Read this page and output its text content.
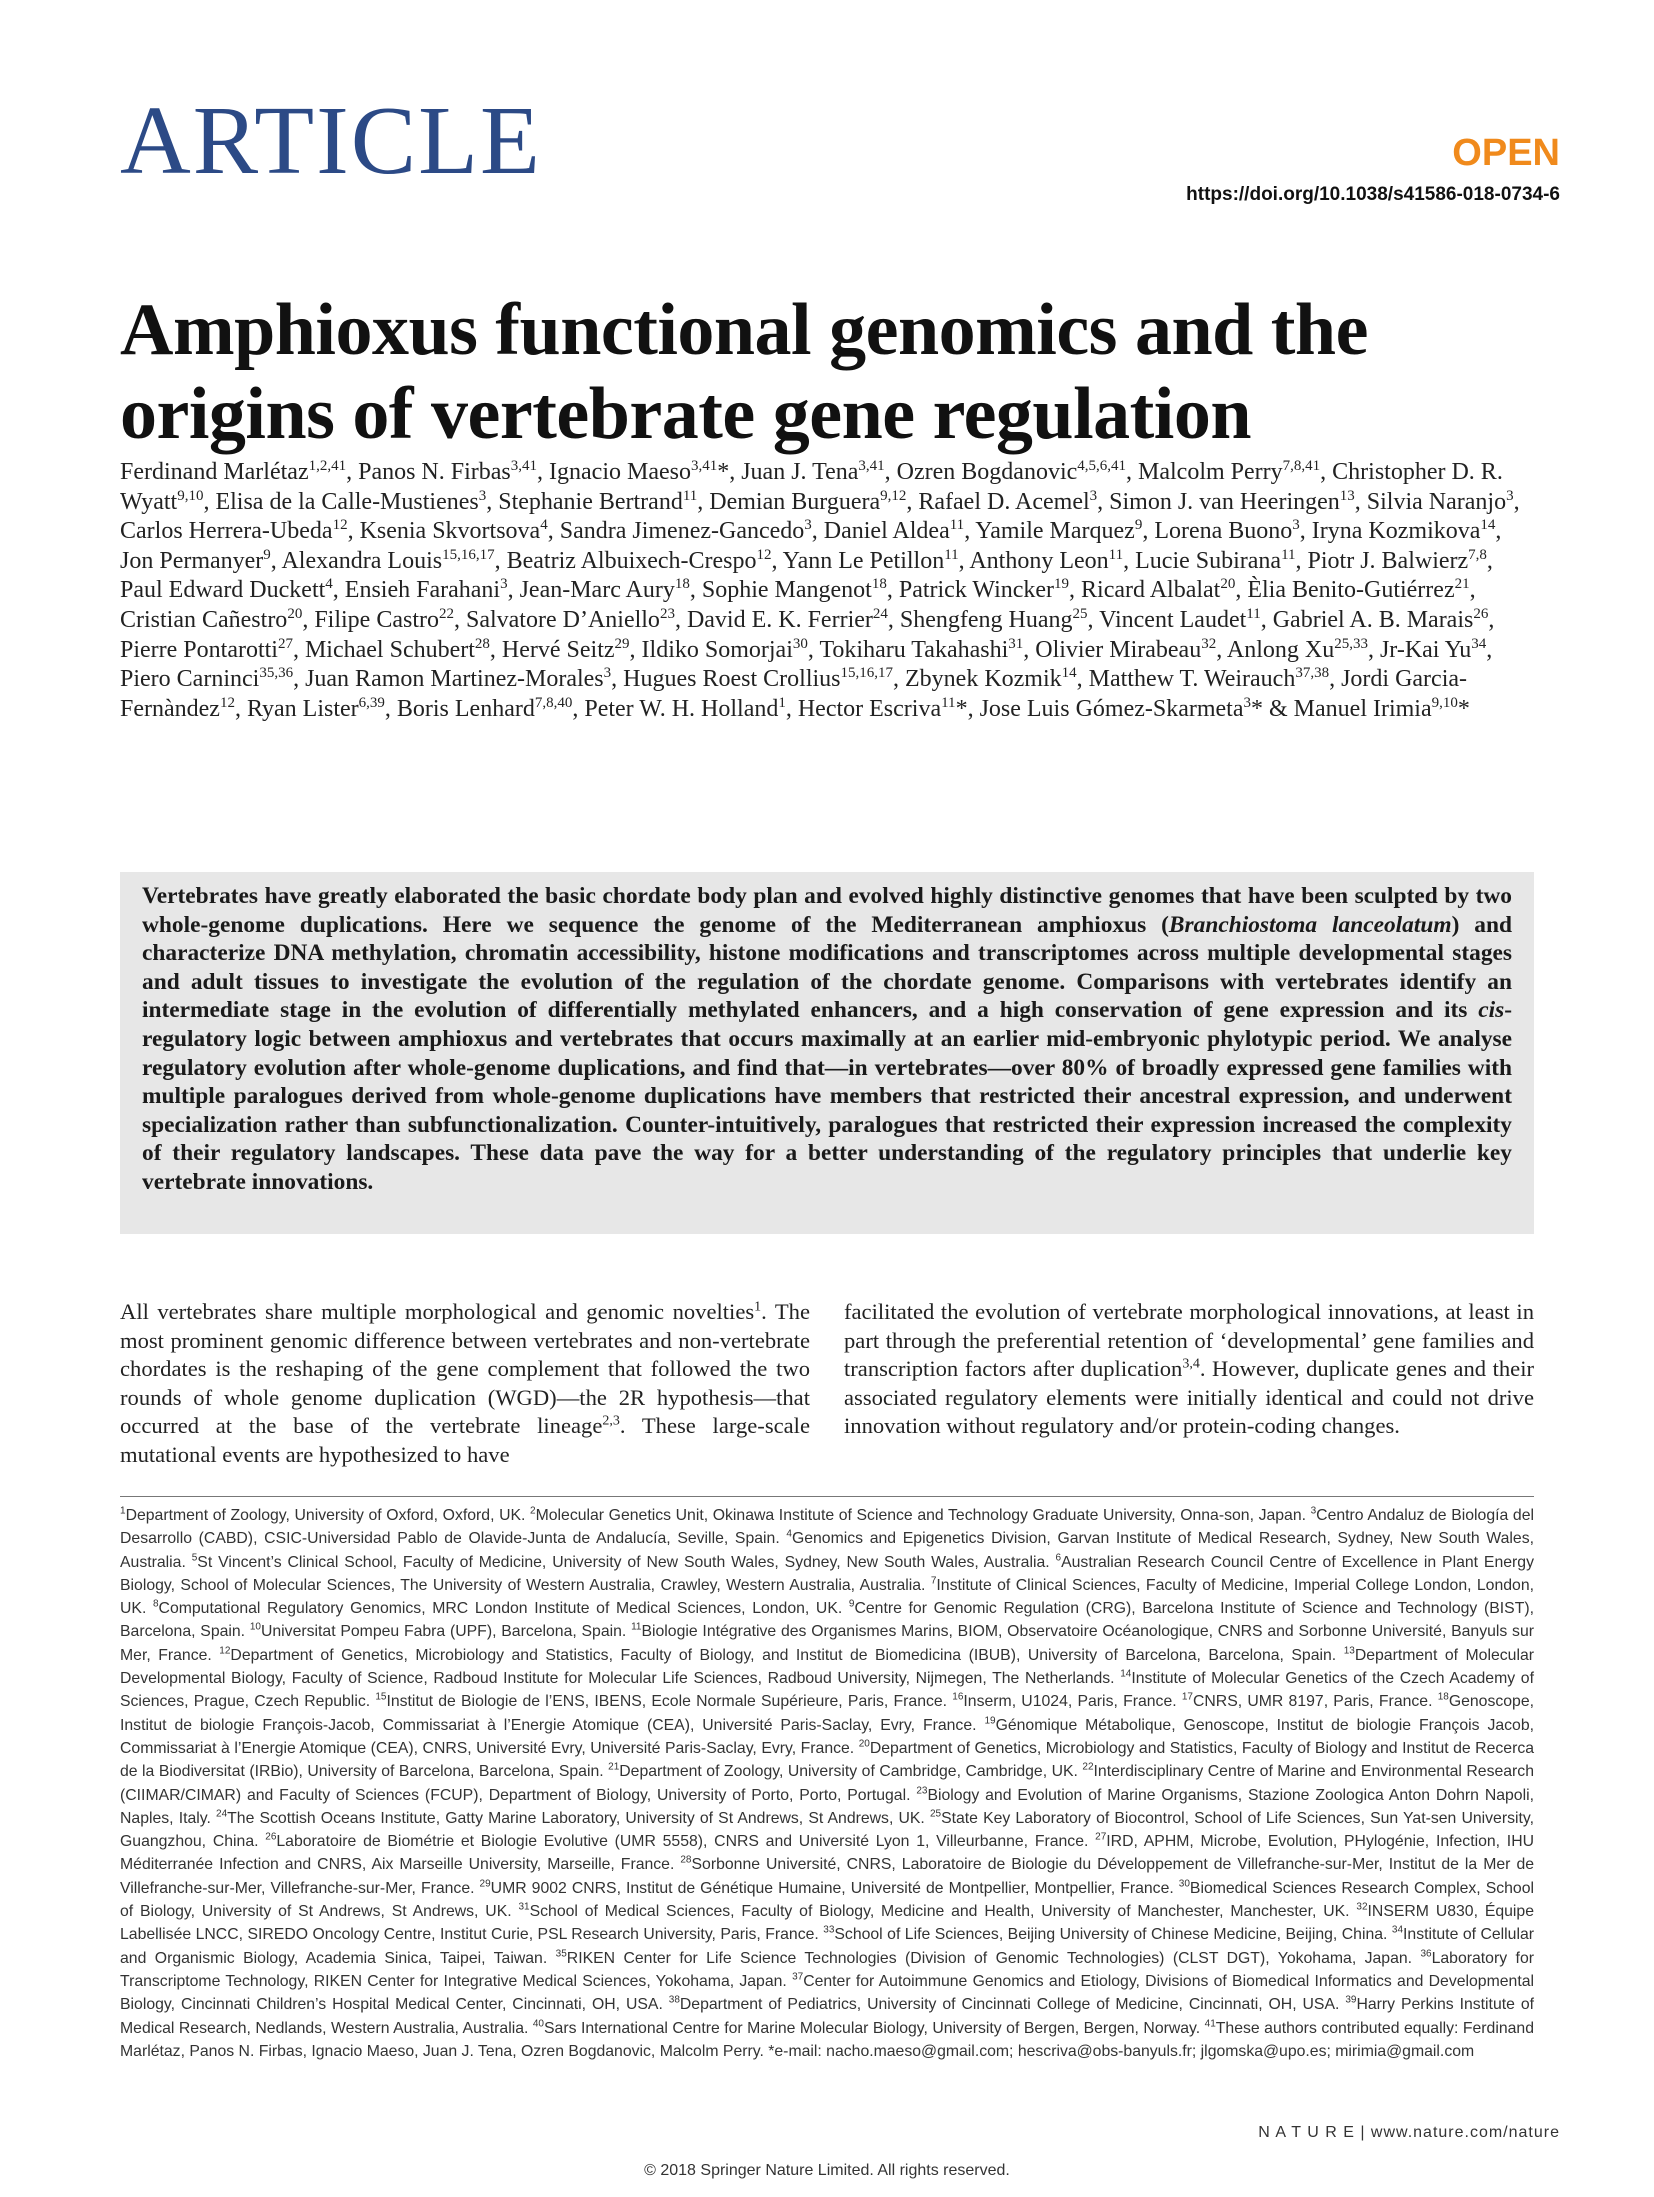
ARTICLE	OPEN
https://doi.org/10.1038/s41586-018-0734-6
Amphioxus functional genomics and the origins of vertebrate gene regulation
Ferdinand Marlétaz$^{1,2,41}$, Panos N. Firbas$^{3,41}$, Ignacio Maeso$^{3,41}$*, Juan J. Tena$^{3,41}$, Ozren Bogdanovic$^{4,5,6,41}$, Malcolm Perry$^{7,8,41}$, Christopher D. R. Wyatt$^{9,10}$, Elisa de la Calle-Mustienes$^3$, Stephanie Bertrand$^{11}$, Demian Burguera$^{9,12}$, Rafael D. Acemel$^3$, Simon J. van Heeringen$^{13}$, Silvia Naranjo$^3$, Carlos Herrera-Ubeda$^{12}$, Ksenia Skvortsova$^4$, Sandra Jimenez-Gancedo$^3$, Daniel Aldea$^{11}$, Yamile Marquez$^9$, Lorena Buono$^3$, Iryna Kozmikova$^{14}$, Jon Permanyer$^9$, Alexandra Louis$^{15,16,17}$, Beatriz Albuixech-Crespo$^{12}$, Yann Le Petillon$^{11}$, Anthony Leon$^{11}$, Lucie Subirana$^{11}$, Piotr J. Balwierz$^{7,8}$, Paul Edward Duckett$^4$, Ensieh Farahani$^3$, Jean-Marc Aury$^{18}$, Sophie Mangenot$^{18}$, Patrick Wincker$^{19}$, Ricard Albalat$^{20}$, Èlia Benito-Gutiérrez$^{21}$, Cristian Cañestro$^{20}$, Filipe Castro$^{22}$, Salvatore D’Aniello$^{23}$, David E. K. Ferrier$^{24}$, Shengfeng Huang$^{25}$, Vincent Laudet$^{11}$, Gabriel A. B. Marais$^{26}$, Pierre Pontarotti$^{27}$, Michael Schubert$^{28}$, Hervé Seitz$^{29}$, Ildiko Somorjai$^{30}$, Tokiharu Takahashi$^{31}$, Olivier Mirabeau$^{32}$, Anlong Xu$^{25,33}$, Jr-Kai Yu$^{34}$, Piero Carninci$^{35,36}$, Juan Ramon Martinez-Morales$^3$, Hugues Roest Crollius$^{15,16,17}$, Zbynek Kozmik$^{14}$, Matthew T. Weirauch$^{37,38}$, Jordi Garcia-Fernàndez$^{12}$, Ryan Lister$^{6,39}$, Boris Lenhard$^{7,8,40}$, Peter W. H. Holland$^1$, Hector Escriva$^{11}$*, Jose Luis Gómez-Skarmeta$^3$* & Manuel Irimia$^{9,10}$*

Vertebrates have greatly elaborated the basic chordate body plan and evolved highly distinctive genomes that have been sculpted by two whole-genome duplications. Here we sequence the genome of the Mediterranean amphioxus (Branchiostoma lanceolatum) and characterize DNA methylation, chromatin accessibility, histone modifications and transcriptomes across multiple developmental stages and adult tissues to investigate the evolution of the regulation of the chordate genome. Comparisons with vertebrates identify an intermediate stage in the evolution of differentially methylated enhancers, and a high conservation of gene expression and its cis-regulatory logic between amphioxus and vertebrates that occurs maximally at an earlier mid-embryonic phylotypic period. We analyse regulatory evolution after whole-genome duplications, and find that—in vertebrates—over 80% of broadly expressed gene families with multiple paralogues derived from whole-genome duplications have members that restricted their ancestral expression, and underwent specialization rather than subfunctionalization. Counter-intuitively, paralogues that restricted their expression increased the complexity of their regulatory landscapes. These data pave the way for a better understanding of the regulatory principles that underlie key vertebrate innovations.

All vertebrates share multiple morphological and genomic novelties$^1$. The most prominent genomic difference between vertebrates and non-vertebrate chordates is the reshaping of the gene complement that followed the two rounds of whole genome duplication (WGD)—the 2R hypothesis—that occurred at the base of the vertebrate lineage$^{2,3}$. These large-scale mutational events are hypothesized to have
facilitated the evolution of vertebrate morphological innovations, at least in part through the preferential retention of ‘developmental’ gene families and transcription factors after duplication$^{3,4}$. However, duplicate genes and their associated regulatory elements were initially identical and could not drive innovation without regulatory and/or protein-coding changes.
$^1$Department of Zoology, University of Oxford, Oxford, UK. $^2$Molecular Genetics Unit, Okinawa Institute of Science and Technology Graduate University, Onna-son, Japan. $^3$Centro Andaluz de Biología del Desarrollo (CABD), CSIC-Universidad Pablo de Olavide-Junta de Andalucía, Seville, Spain. $^4$Genomics and Epigenetics Division, Garvan Institute of Medical Research, Sydney, New South Wales, Australia. $^5$St Vincent’s Clinical School, Faculty of Medicine, University of New South Wales, Sydney, New South Wales, Australia. $^6$Australian Research Council Centre of Excellence in Plant Energy Biology, School of Molecular Sciences, The University of Western Australia, Crawley, Western Australia, Australia. $^7$Institute of Clinical Sciences, Faculty of Medicine, Imperial College London, London, UK. $^8$Computational Regulatory Genomics, MRC London Institute of Medical Sciences, London, UK. $^9$Centre for Genomic Regulation (CRG), Barcelona Institute of Science and Technology (BIST), Barcelona, Spain. $^{10}$Universitat Pompeu Fabra (UPF), Barcelona, Spain. $^{11}$Biologie Intégrative des Organismes Marins, BIOM, Observatoire Océanologique, CNRS and Sorbonne Université, Banyuls sur Mer, France. $^{12}$Department of Genetics, Microbiology and Statistics, Faculty of Biology, and Institut de Biomedicina (IBUB), University of Barcelona, Barcelona, Spain. $^{13}$Department of Molecular Developmental Biology, Faculty of Science, Radboud Institute for Molecular Life Sciences, Radboud University, Nijmegen, The Netherlands. $^{14}$Institute of Molecular Genetics of the Czech Academy of Sciences, Prague, Czech Republic. $^{15}$Institut de Biologie de l’ENS, IBENS, Ecole Normale Supérieure, Paris, France. $^{16}$Inserm, U1024, Paris, France. $^{17}$CNRS, UMR 8197, Paris, France. $^{18}$Genoscope, Institut de biologie François-Jacob, Commissariat à l’Energie Atomique (CEA), Université Paris-Saclay, Evry, France. $^{19}$Génomique Métabolique, Genoscope, Institut de biologie François Jacob, Commissariat à l’Energie Atomique (CEA), CNRS, Université Evry, Université Paris-Saclay, Evry, France. $^{20}$Department of Genetics, Microbiology and Statistics, Faculty of Biology and Institut de Recerca de la Biodiversitat (IRBio), University of Barcelona, Barcelona, Spain. $^{21}$Department of Zoology, University of Cambridge, Cambridge, UK. $^{22}$Interdisciplinary Centre of Marine and Environmental Research (CIIMAR/CIMAR) and Faculty of Sciences (FCUP), Department of Biology, University of Porto, Porto, Portugal. $^{23}$Biology and Evolution of Marine Organisms, Stazione Zoologica Anton Dohrn Napoli, Naples, Italy. $^{24}$The Scottish Oceans Institute, Gatty Marine Laboratory, University of St Andrews, St Andrews, UK. $^{25}$State Key Laboratory of Biocontrol, School of Life Sciences, Sun Yat-sen University, Guangzhou, China. $^{26}$Laboratoire de Biométrie et Biologie Evolutive (UMR 5558), CNRS and Université Lyon 1, Villeurbanne, France. $^{27}$IRD, APHM, Microbe, Evolution, PHylogénie, Infection, IHU Méditerranée Infection and CNRS, Aix Marseille University, Marseille, France. $^{28}$Sorbonne Université, CNRS, Laboratoire de Biologie du Développement de Villefranche-sur-Mer, Institut de la Mer de Villefranche-sur-Mer, Villefranche-sur-Mer, France. $^{29}$UMR 9002 CNRS, Institut de Génétique Humaine, Université de Montpellier, Montpellier, France. $^{30}$Biomedical Sciences Research Complex, School of Biology, University of St Andrews, St Andrews, UK. $^{31}$School of Medical Sciences, Faculty of Biology, Medicine and Health, University of Manchester, Manchester, UK. $^{32}$INSERM U830, Équipe Labellisée LNCC, SIREDO Oncology Centre, Institut Curie, PSL Research University, Paris, France. $^{33}$School of Life Sciences, Beijing University of Chinese Medicine, Beijing, China. $^{34}$Institute of Cellular and Organismic Biology, Academia Sinica, Taipei, Taiwan. $^{35}$RIKEN Center for Life Science Technologies (Division of Genomic Technologies) (CLST DGT), Yokohama, Japan. $^{36}$Laboratory for Transcriptome Technology, RIKEN Center for Integrative Medical Sciences, Yokohama, Japan. $^{37}$Center for Autoimmune Genomics and Etiology, Divisions of Biomedical Informatics and Developmental Biology, Cincinnati Children’s Hospital Medical Center, Cincinnati, OH, USA. $^{38}$Department of Pediatrics, University of Cincinnati College of Medicine, Cincinnati, OH, USA. $^{39}$Harry Perkins Institute of Medical Research, Nedlands, Western Australia, Australia. $^{40}$Sars International Centre for Marine Molecular Biology, University of Bergen, Bergen, Norway. $^{41}$These authors contributed equally: Ferdinand Marlétaz, Panos N. Firbas, Ignacio Maeso, Juan J. Tena, Ozren Bogdanovic, Malcolm Perry. *e-mail: nacho.maeso@gmail.com; hescriva@obs-banyuls.fr; jlgomska@upo.es; mirimia@gmail.com
N A T U R E | www.nature.com/nature
© 2018 Springer Nature Limited. All rights reserved.
